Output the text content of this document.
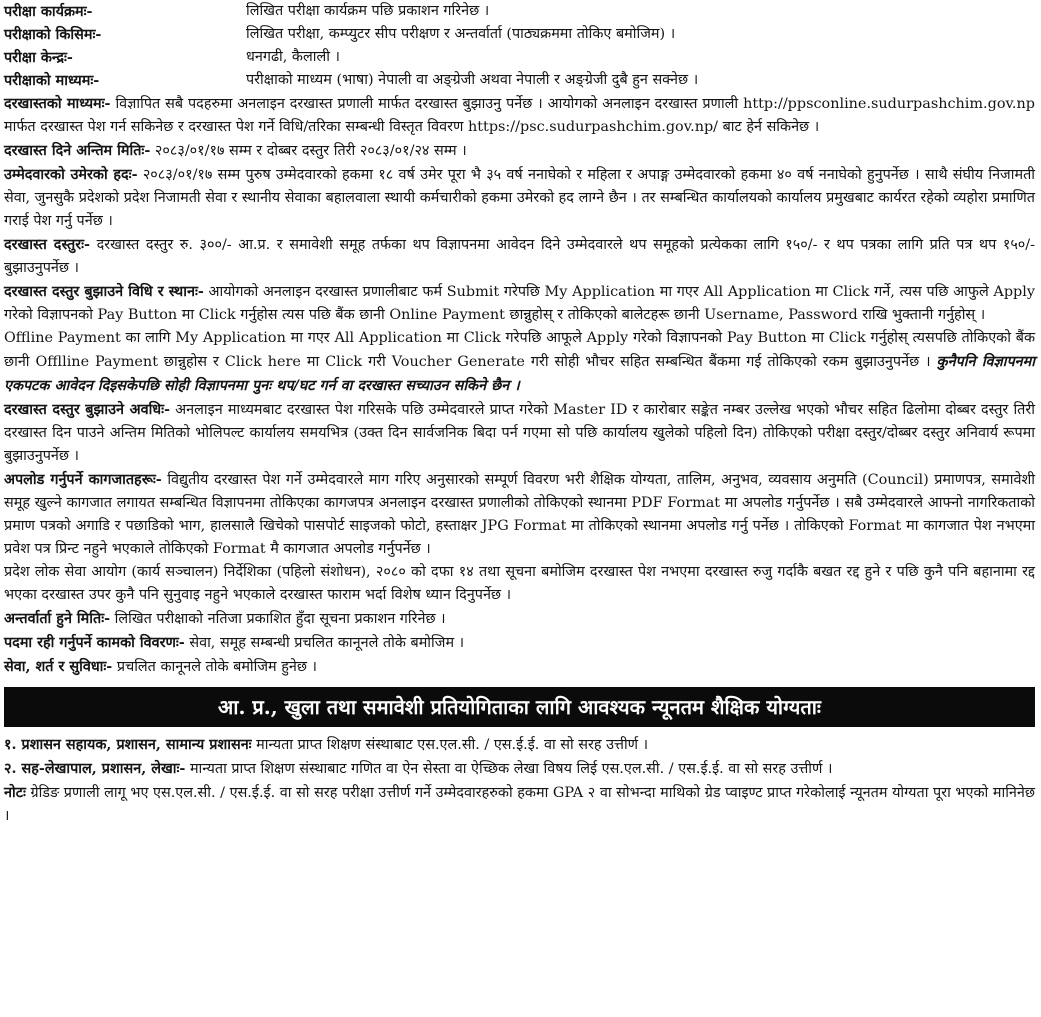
परीक्षा कार्यक्रमः-	लिखित परीक्षा कार्यक्रम पछि प्रकाशन गरिनेछ ।
परीक्षाको किसिमः-	लिखित परीक्षा, कम्प्युटर सीप परीक्षण र अन्तर्वार्ता (पाठ्यक्रममा तोकिए बमोजिम) ।
परीक्षा केन्द्रः-	धनगढी, कैलाली ।
परीक्षाको माध्यमः-	परीक्षाको माध्यम (भाषा) नेपाली वा अङ्ग्रेजी अथवा नेपाली र अङ्ग्रेजी दुबै हुन सक्नेछ ।
दरखास्तको माध्यमः- विज्ञापित सबै पदहरुमा अनलाइन दरखास्त प्रणाली मार्फत दरखास्त बुझाउनु पर्नेछ । आयोगको अनलाइन दरखास्त प्रणाली http://ppsconline.sudurpashchim.gov.np मार्फत दरखास्त पेश गर्न सकिनेछ र दरखास्त पेश गर्ने विधि/तरिका सम्बन्धी विस्तृत विवरण https://psc.sudurpashchim.gov.np/ बाट हेर्न सकिनेछ ।
दरखास्त दिने अन्तिम मितिः- २०८३/०१/१७ सम्म र दोब्बर दस्तुर तिरी २०८३/०१/२४ सम्म ।
उम्मेदवारको उमेरको हदः- २०८३/०१/१७ सम्म पुरुष उम्मेदवारको हकमा १८ वर्ष उमेर पूरा भै ३५ वर्ष ननाघेको र महिला र अपाङ्ग उम्मेदवारको हकमा ४० वर्ष ननाघेको हुनुपर्नेछ । साथै संघीय निजामती सेवा, जुनसुकै प्रदेशको प्रदेश निजामती सेवा र स्थानीय सेवाका बहालवाला स्थायी कर्मचारीको हकमा उमेरको हद लाग्ने छैन । तर सम्बन्धित कार्यालयको कार्यालय प्रमुखबाट कार्यरत रहेको व्यहोरा प्रमाणित गराई पेश गर्नु पर्नेछ ।
दरखास्त दस्तुरः- दरखास्त दस्तुर रु. ३००/- आ.प्र. र समावेशी समूह तर्फका थप विज्ञापनमा आवेदन दिने उम्मेदवारले थप समूहको प्रत्येकका लागि १५०/- र थप पत्रका लागि प्रति पत्र थप १५०/- बुझाउनुपर्नेछ ।
दरखास्त दस्तुर बुझाउने विधि र स्थानः- आयोगको अनलाइन दरखास्त प्रणालीबाट फर्म Submit गरेपछि My Application मा गएर All Application मा Click गर्ने, त्यस पछि आफुले Apply गरेको विज्ञापनको Pay Button मा Click गर्नुहोस त्यस पछि बैंक छानी Online Payment छान्नुहोस् र तोकिएको बालेटहरू छानी Username, Password राखि भुक्तानी गर्नुहोस् ।
Offline Payment का लागि My Application मा गएर All Application मा Click गरेपछि आफूले Apply गरेको विज्ञापनको Pay Button मा Click गर्नुहोस् त्यसपछि तोकिएको बैंक छानी Offlline Payment छान्नुहोस र Click here मा Click गरी Voucher Generate गरी सोही भौचर सहित सम्बन्धित बैंकमा गई तोकिएको रकम बुझाउनुपर्नेछ । कुनैपनि विज्ञापनमा एकपटक आवेदन दिइसकेपछि सोही विज्ञापनमा पुनः थप/घट गर्न वा दरखास्त सच्याउन सकिने छैन ।
दरखास्त दस्तुर बुझाउने अवधिः- अनलाइन माध्यमबाट दरखास्त पेश गरिसके पछि उम्मेदवारले प्राप्त गरेको Master ID र कारोबार सङ्केत नम्बर उल्लेख भएको भौचर सहित ढिलोमा दोब्बर दस्तुर तिरी दरखास्त दिन पाउने अन्तिम मितिको भोलिपल्ट कार्यालय समयभित्र (उक्त दिन सार्वजनिक बिदा पर्न गएमा सो पछि कार्यालय खुलेको पहिलो दिन) तोकिएको परीक्षा दस्तुर/दोब्बर दस्तुर अनिवार्य रूपमा बुझाउनुपर्नेछ ।
अपलोड गर्नुपर्ने कागजातहरूः- विद्युतीय दरखास्त पेश गर्ने उम्मेदवारले माग गरिए अनुसारको सम्पूर्ण विवरण भरी शैक्षिक योग्यता, तालिम, अनुभव, व्यवसाय अनुमति (Council) प्रमाणपत्र, समावेशी समूह खुल्ने कागजात लगायत सम्बन्धित विज्ञापनमा तोकिएका कागजपत्र अनलाइन दरखास्त प्रणालीको तोकिएको स्थानमा PDF Format मा अपलोड गर्नुपर्नेछ । सबै उम्मेदवारले आफ्नो नागरिकताको प्रमाण पत्रको अगाडि र पछाडिको भाग, हालसालै खिचेको पासपोर्ट साइजको फोटो, हस्ताक्षर JPG Format मा तोकिएको स्थानमा अपलोड गर्नु पर्नेछ । तोकिएको Format मा कागजात पेश नभएमा प्रवेश पत्र प्रिन्ट नहुने भएकाले तोकिएको Format मै कागजात अपलोड गर्नुपर्नेछ ।
प्रदेश लोक सेवा आयोग (कार्य सञ्चालन) निर्देशिका (पहिलो संशोधन), २०८० को दफा १४ तथा सूचना बमोजिम दरखास्त पेश नभएमा दरखास्त रुजु गर्दाकै बखत रद्द हुने र पछि कुनै पनि बहानामा रद्द भएका दरखास्त उपर कुनै पनि सुनुवाइ नहुने भएकाले दरखास्त फाराम भर्दा विशेष ध्यान दिनुपर्नेछ ।
अन्तर्वार्ता हुने मितिः- लिखित परीक्षाको नतिजा प्रकाशित हुँदा सूचना प्रकाशन गरिनेछ ।
पदमा रही गर्नुपर्ने कामको विवरणः- सेवा, समूह सम्बन्धी प्रचलित कानूनले तोके बमोजिम ।
सेवा, शर्त र सुविधाः- प्रचलित कानूनले तोके बमोजिम हुनेछ ।
आ. प्र., खुला तथा समावेशी प्रतियोगिताका लागि आवश्यक न्यूनतम शैक्षिक योग्यताः
१. प्रशासन सहायक, प्रशासन, सामान्य प्रशासनः मान्यता प्राप्त शिक्षण संस्थाबाट एस.एल.सी. / एस.ई.ई. वा सो सरह उत्तीर्ण ।
२. सह-लेखापाल, प्रशासन, लेखाः- मान्यता प्राप्त शिक्षण संस्थाबाट गणित वा ऐन सेस्ता वा ऐच्छिक लेखा विषय लिई एस.एल.सी. / एस.ई.ई. वा सो सरह उत्तीर्ण ।
नोटः ग्रेडिङ प्रणाली लागू भए एस.एल.सी. / एस.ई.ई. वा सो सरह परीक्षा उत्तीर्ण गर्ने उम्मेदवारहरुको हकमा GPA २ वा सोभन्दा माथिको ग्रेड प्वाइण्ट प्राप्त गरेकोलाई न्यूनतम योग्यता पूरा भएको मानिनेछ ।
